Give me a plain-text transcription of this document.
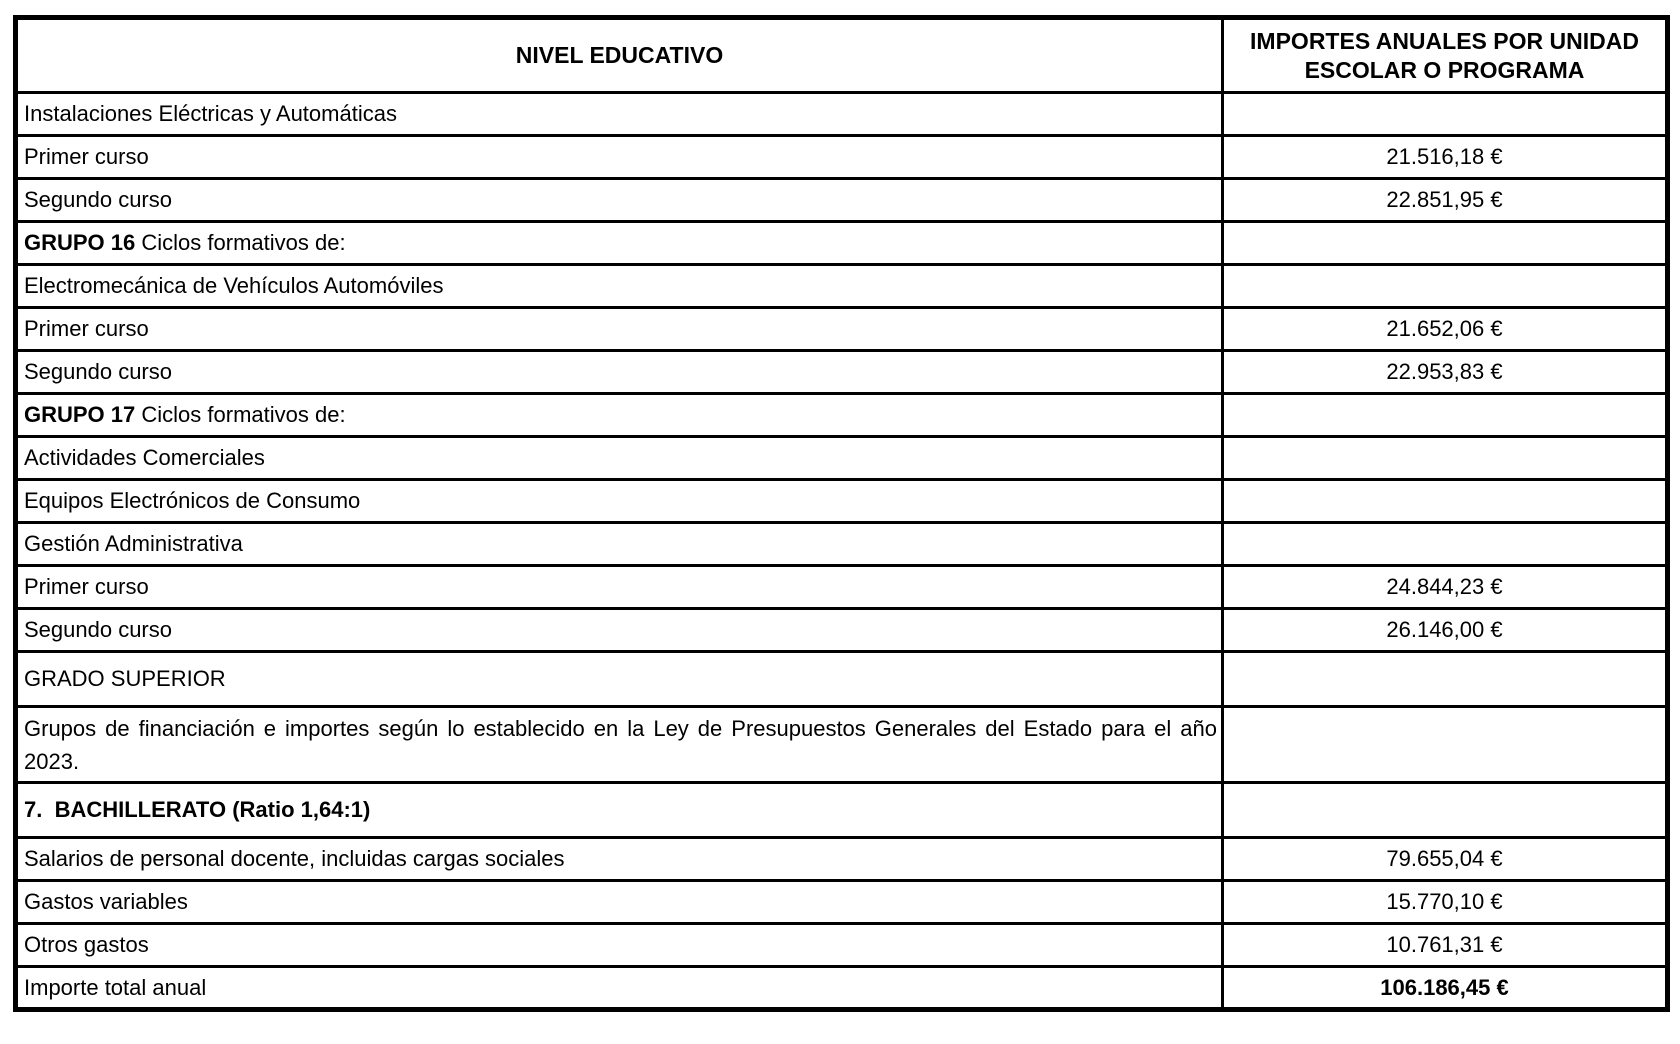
NIVEL EDUCATIVO	IMPORTES ANUALES POR UNIDAD ESCOLAR O PROGRAMA
Instalaciones Eléctricas y Automáticas	
Primer curso	21.516,18 €
Segundo curso	22.851,95 €
GRUPO 16 Ciclos formativos de:	
Electromecánica de Vehículos Automóviles	
Primer curso	21.652,06 €
Segundo curso	22.953,83 €
GRUPO 17 Ciclos formativos de:	
Actividades Comerciales	
Equipos Electrónicos de Consumo	
Gestión Administrativa	
Primer curso	24.844,23 €
Segundo curso	26.146,00 €
GRADO SUPERIOR	
Grupos de financiación e importes según lo establecido en la Ley de Presupuestos Generales del Estado para el año 2023.	
7.  BACHILLERATO (Ratio 1,64:1)	
Salarios de personal docente, incluidas cargas sociales	79.655,04 €
Gastos variables	15.770,10 €
Otros gastos	10.761,31 €
Importe total anual	106.186,45 €
